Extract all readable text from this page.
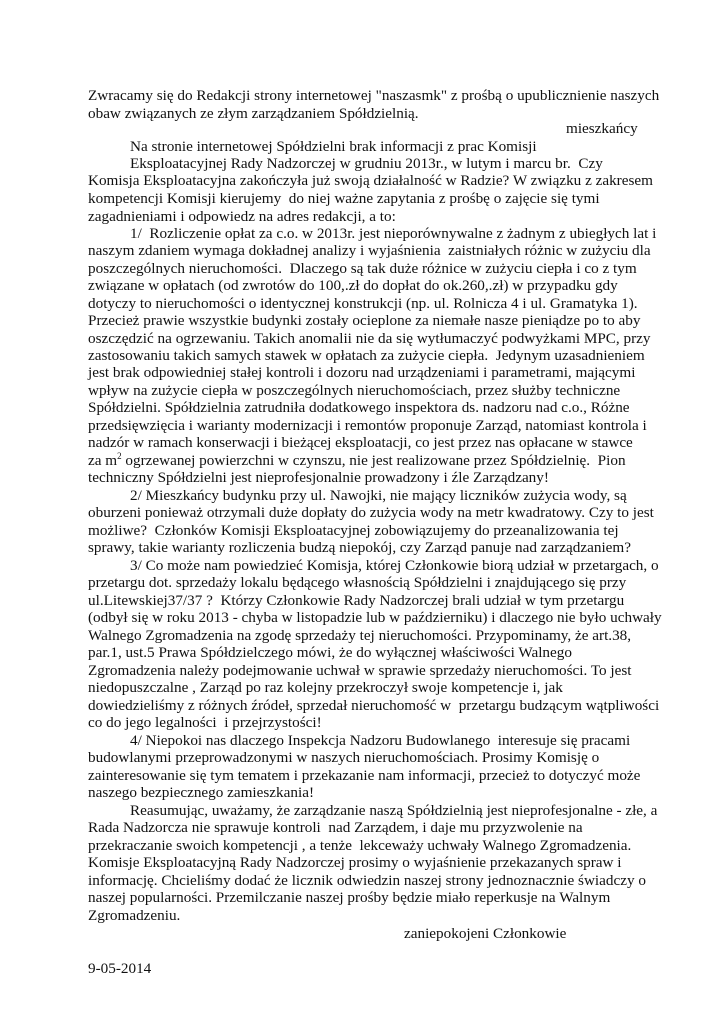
Zwracamy się do Redakcji strony internetowej "naszasmk" z prośbą o upublicznienie naszych
obaw związanych ze złym zarządzaniem Spółdzielnią.
mieszkańcy
Na stronie internetowej Spółdzielni brak informacji z prac Komisji
Eksploatacyjnej Rady Nadzorczej w grudniu 2013r., w lutym i marcu br.  Czy
Komisja Eksploatacyjna zakończyła już swoją działalność w Radzie? W związku z zakresem
kompetencji Komisji kierujemy  do niej ważne zapytania z prośbę o zajęcie się tymi
zagadnieniami i odpowiedz na adres redakcji, a to:
1/  Rozliczenie opłat za c.o. w 2013r. jest nieporównywalne z żadnym z ubiegłych lat i
naszym zdaniem wymaga dokładnej analizy i wyjaśnienia  zaistniałych różnic w zużyciu dla
poszczególnych nieruchomości.  Dlaczego są tak duże różnice w zużyciu ciepła i co z tym
związane w opłatach (od zwrotów do 100,.zł do dopłat do ok.260,.zł) w przypadku gdy
dotyczy to nieruchomości o identycznej konstrukcji (np. ul. Rolnicza 4 i ul. Gramatyka 1).
Przecież prawie wszystkie budynki zostały ocieplone za niemałe nasze pieniądze po to aby
oszczędzić na ogrzewaniu. Takich anomalii nie da się wytłumaczyć podwyżkami MPC, przy
zastosowaniu takich samych stawek w opłatach za zużycie ciepła.  Jedynym uzasadnieniem
jest brak odpowiedniej stałej kontroli i dozoru nad urządzeniami i parametrami, mającymi
wpływ na zużycie ciepła w poszczególnych nieruchomościach, przez służby techniczne
Spółdzielni. Spółdzielnia zatrudniła dodatkowego inspektora ds. nadzoru nad c.o., Różne
przedsięwzięcia i warianty modernizacji i remontów proponuje Zarząd, natomiast kontrola i
nadzór w ramach konserwacji i bieżącej eksploatacji, co jest przez nas opłacane w stawce
za $m^2$ ogrzewanej powierzchni w czynszu, nie jest realizowane przez Spółdzielnię.  Pion
techniczny Spółdzielni jest nieprofesjonalnie prowadzony i źle Zarządzany!
2/ Mieszkańcy budynku przy ul. Nawojki, nie mający liczników zużycia wody, są
oburzeni ponieważ otrzymali duże dopłaty do zużycia wody na metr kwadratowy. Czy to jest
możliwe?  Członków Komisji Eksploatacyjnej zobowiązujemy do przeanalizowania tej
sprawy, takie warianty rozliczenia budzą niepokój, czy Zarząd panuje nad zarządzaniem?
3/ Co może nam powiedzieć Komisja, której Członkowie biorą udział w przetargach, o
przetargu dot. sprzedaży lokalu będącego własnością Spółdzielni i znajdującego się przy
ul.Litewskiej37/37 ?  Którzy Członkowie Rady Nadzorczej brali udział w tym przetargu
(odbył się w roku 2013 - chyba w listopadzie lub w październiku) i dlaczego nie było uchwały
Walnego Zgromadzenia na zgodę sprzedaży tej nieruchomości. Przypominamy, że art.38,
par.1, ust.5 Prawa Spółdzielczego mówi, że do wyłącznej właściwości Walnego
Zgromadzenia należy podejmowanie uchwał w sprawie sprzedaży nieruchomości. To jest
niedopuszczalne , Zarząd po raz kolejny przekroczył swoje kompetencje i, jak
dowiedzieliśmy z różnych źródeł, sprzedał nieruchomość w  przetargu budzącym wątpliwości
co do jego legalności  i przejrzystości!
4/ Niepokoi nas dlaczego Inspekcja Nadzoru Budowlanego  interesuje się pracami
budowlanymi przeprowadzonymi w naszych nieruchomościach. Prosimy Komisję o
zainteresowanie się tym tematem i przekazanie nam informacji, przecież to dotyczyć może
naszego bezpiecznego zamieszkania!
Reasumując, uważamy, że zarządzanie naszą Spółdzielnią jest nieprofesjonalne - złe, a
Rada Nadzorcza nie sprawuje kontroli  nad Zarządem, i daje mu przyzwolenie na
przekraczanie swoich kompetencji , a tenże  lekceważy uchwały Walnego Zgromadzenia.
Komisje Eksploatacyjną Rady Nadzorczej prosimy o wyjaśnienie przekazanych spraw i
informację. Chcieliśmy dodać że licznik odwiedzin naszej strony jednoznacznie świadczy o
naszej popularności. Przemilczanie naszej prośby będzie miało reperkusje na Walnym
Zgromadzeniu.
zaniepokojeni Członkowie
9-05-2014
